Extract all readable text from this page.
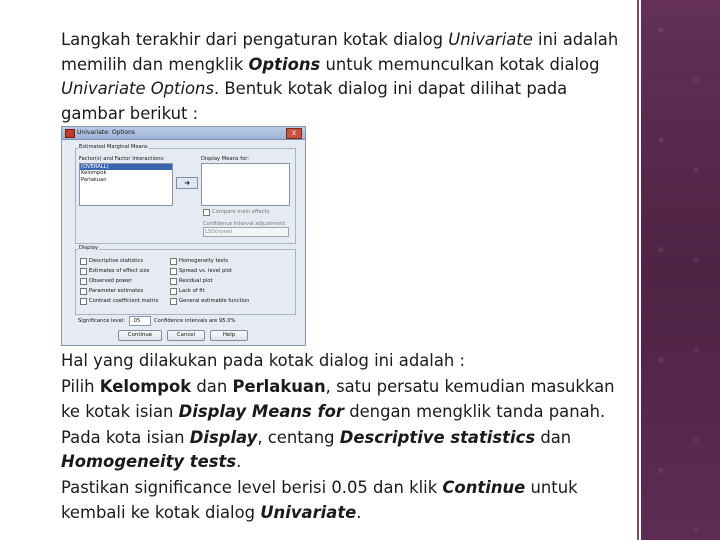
Langkah terakhir dari pengaturan kotak dialog Univariate ini adalah memilih dan mengklik Options untuk memunculkan kotak dialog Univariate Options. Bentuk kotak dialog ini dapat dilihat pada gambar berikut :

Univariate: Options	X
Estimated Marginal Means
Factor(s) and Factor Interactions:
(OVERALL)
Kelompok
Perlakuan	➜
Display Means for:
Compare main effects
Confidence interval adjustment:
LSD(none)
Display
Descriptive statistics
Estimates of effect size
Observed power
Parameter estimates
Contrast coefficient matrix
Homogeneity tests
Spread vs. level plot
Residual plot
Lack of fit
General estimable function
Significance level: .05	Confidence intervals are 95.0%
Continue	Cancel	Help

Hal yang dilakukan pada kotak dialog ini adalah :

Pilih Kelompok dan Perlakuan, satu persatu kemudian masukkan ke kotak isian Display Means for dengan mengklik tanda panah.

Pada kota isian Display, centang Descriptive statistics dan Homogeneity tests.

Pastikan significance level berisi 0.05 dan klik Continue untuk kembali ke kotak dialog Univariate.
